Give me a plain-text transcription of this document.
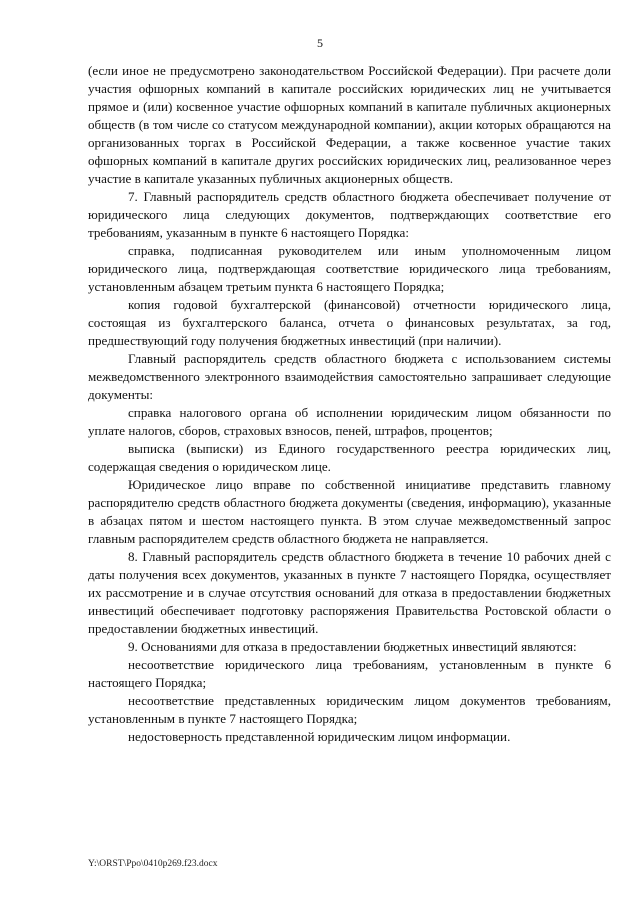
5

(если иное не предусмотрено законодательством Российской Федерации). При расчете доли участия офшорных компаний в капитале российских юридических лиц не учитывается прямое и (или) косвенное участие офшорных компаний в капитале публичных акционерных обществ (в том числе со статусом международной компании), акции которых обращаются на организованных торгах в Российской Федерации, а также косвенное участие таких офшорных компаний в капитале других российских юридических лиц, реализованное через участие в капитале указанных публичных акционерных обществ.

7. Главный распорядитель средств областного бюджета обеспечивает получение от юридического лица следующих документов, подтверждающих соответствие его требованиям, указанным в пункте 6 настоящего Порядка:

справка, подписанная руководителем или иным уполномоченным лицом юридического лица, подтверждающая соответствие юридического лица требованиям, установленным абзацем третьим пункта 6 настоящего Порядка;

копия годовой бухгалтерской (финансовой) отчетности юридического лица, состоящая из бухгалтерского баланса, отчета о финансовых результатах, за год, предшествующий году получения бюджетных инвестиций (при наличии).

Главный распорядитель средств областного бюджета с использованием системы межведомственного электронного взаимодействия самостоятельно запрашивает следующие документы:

справка налогового органа об исполнении юридическим лицом обязанности по уплате налогов, сборов, страховых взносов, пеней, штрафов, процентов;

выписка (выписки) из Единого государственного реестра юридических лиц, содержащая сведения о юридическом лице.

Юридическое лицо вправе по собственной инициативе представить главному распорядителю средств областного бюджета документы (сведения, информацию), указанные в абзацах пятом и шестом настоящего пункта. В этом случае межведомственный запрос главным распорядителем средств областного бюджета не направляется.

8. Главный распорядитель средств областного бюджета в течение 10 рабочих дней с даты получения всех документов, указанных в пункте 7 настоящего Порядка, осуществляет их рассмотрение и в случае отсутствия оснований для отказа в предоставлении бюджетных инвестиций обеспечивает подготовку распоряжения Правительства Ростовской области о предоставлении бюджетных инвестиций.

9. Основаниями для отказа в предоставлении бюджетных инвестиций являются:

несоответствие юридического лица требованиям, установленным в пункте 6 настоящего Порядка;

несоответствие представленных юридическим лицом документов требованиям, установленным в пункте 7 настоящего Порядка;

недостоверность представленной юридическим лицом информации.

Y:\ORST\Ppo\0410p269.f23.docx
